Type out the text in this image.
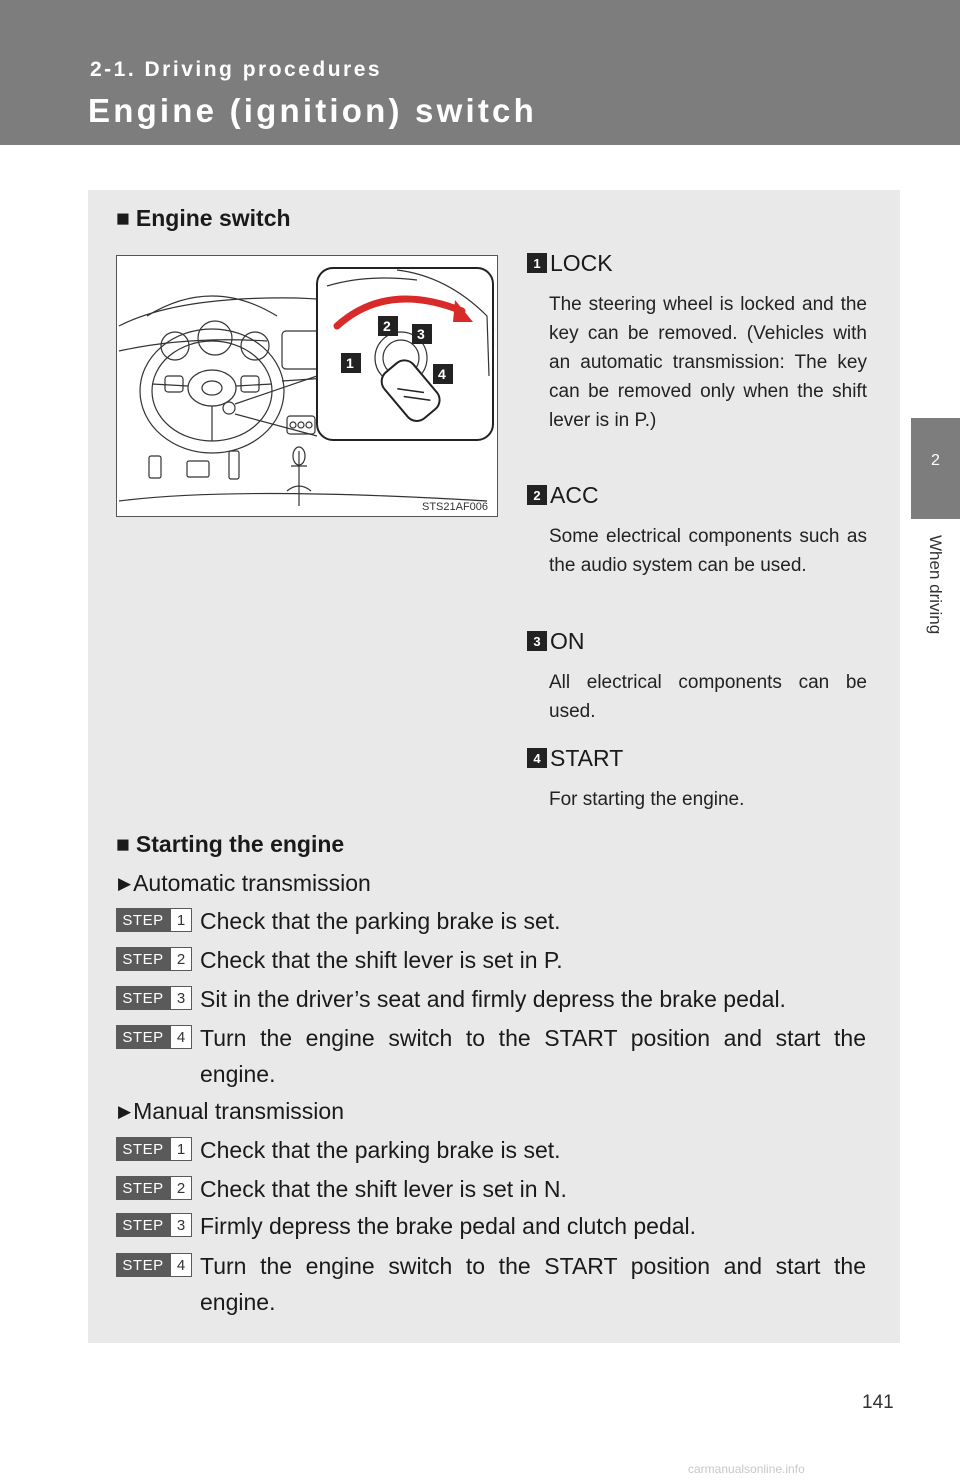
2-1. Driving procedures
Engine (ignition) switch
2
When driving
■ Engine switch
2 3
1
4
STS21AF006
1 LOCK
The steering wheel is locked and the key can be removed. (Vehicles with an automatic transmission: The key can be removed only when the shift lever is in P.)
2 ACC
Some electrical components such as the audio system can be used.
3 ON
All electrical components can be used.
4 START
For starting the engine.
■ Starting the engine
▶Automatic transmission
STEP 1 Check that the parking brake is set.
STEP 2 Check that the shift lever is set in P.
STEP 3 Sit in the driver’s seat and firmly depress the brake pedal.
STEP 4 Turn the engine switch to the START position and start the engine.
▶Manual transmission
STEP 1 Check that the parking brake is set.
STEP 2 Check that the shift lever is set in N.
STEP 3 Firmly depress the brake pedal and clutch pedal.
STEP 4 Turn the engine switch to the START position and start the engine.
141
carmanualsonline.info
